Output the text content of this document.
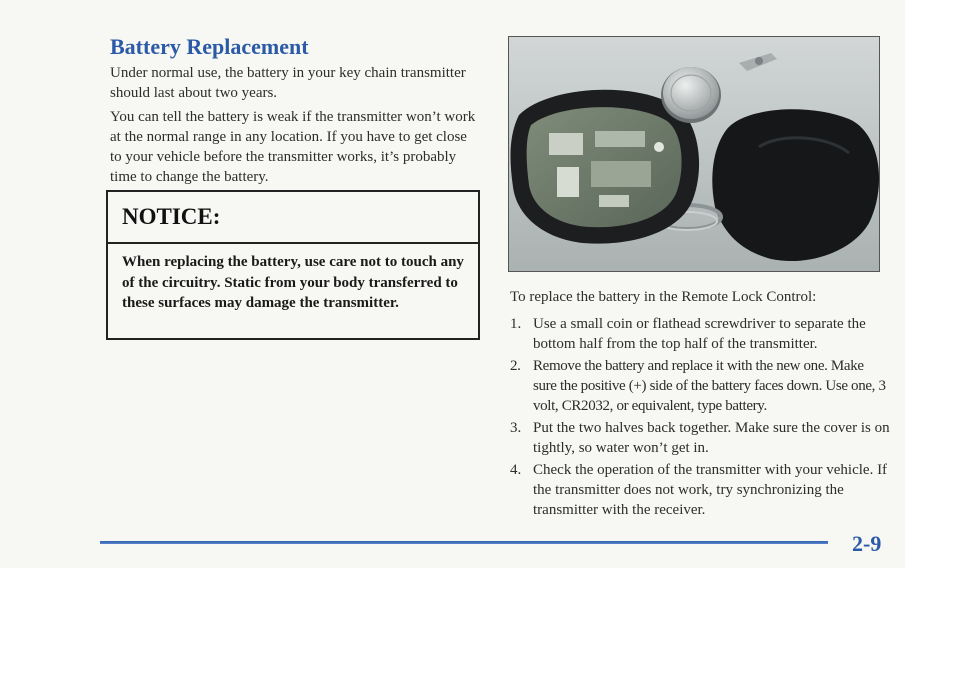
Battery Replacement

Under normal use, the battery in your key chain transmitter should last about two years.

You can tell the battery is weak if the transmitter won’t work at the normal range in any location. If you have to get close to your vehicle before the transmitter works, it’s probably time to change the battery.

NOTICE:

When replacing the battery, use care not to touch any of the circuitry. Static from your body transferred to these surfaces may damage the transmitter.	To replace the battery in the Remote Lock Control:

1. Use a small coin or flathead screwdriver to separate the bottom half from the top half of the transmitter.
2. Remove the battery and replace it with the new one. Make sure the positive (+) side of the battery faces down. Use one, 3 volt, CR2032, or equivalent, type battery.
3. Put the two halves back together. Make sure the cover is on tightly, so water won’t get in.
4. Check the operation of the transmitter with your vehicle. If the transmitter does not work, try synchronizing the transmitter with the receiver.

2-9
